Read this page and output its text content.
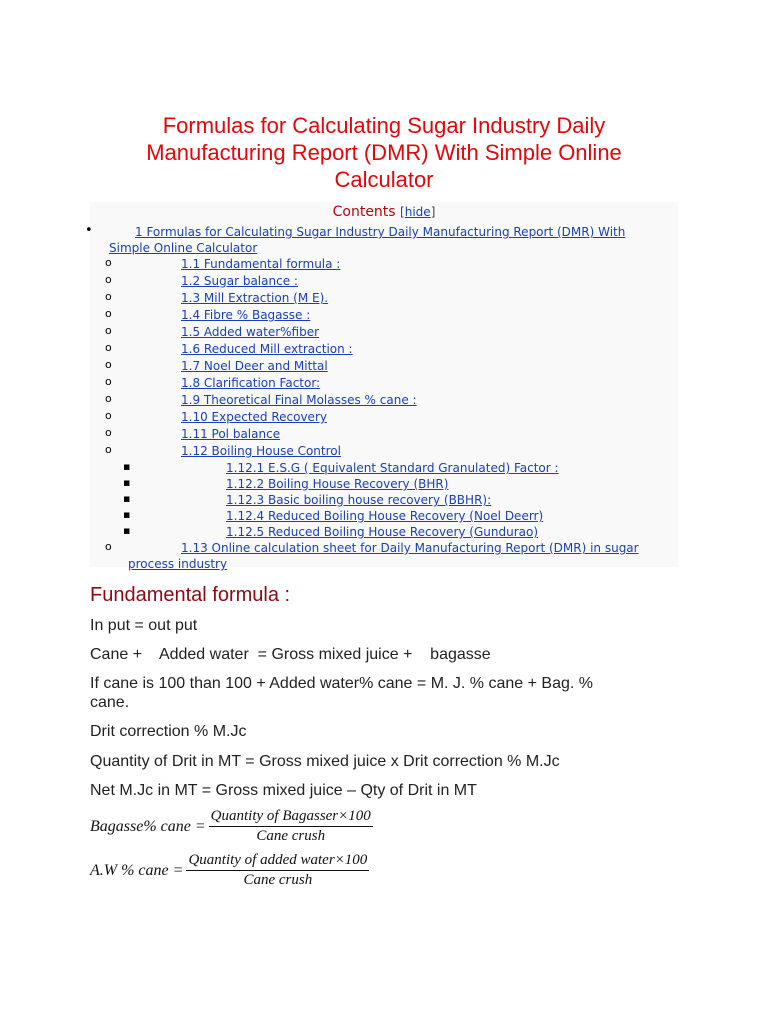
Formulas for Calculating Sugar Industry Daily
Manufacturing Report (DMR) With Simple Online
Calculator
Contents [hide]
•	1 Formulas for Calculating Sugar Industry Daily Manufacturing Report (DMR) With
Simple Online Calculator
o	1.1 Fundamental formula :
o	1.2 Sugar balance :
o	1.3 Mill Extraction (M E).
o	1.4 Fibre % Bagasse :
o	1.5 Added water%fiber
o	1.6 Reduced Mill extraction :
o	1.7 Noel Deer and Mittal
o	1.8 Clarification Factor:
o	1.9 Theoretical Final Molasses % cane :
o	1.10 Expected Recovery
o	1.11 Pol balance
o	1.12 Boiling House Control
▪	1.12.1 E.S.G ( Equivalent Standard Granulated) Factor :
▪	1.12.2 Boiling House Recovery (BHR)
▪	1.12.3 Basic boiling house recovery (BBHR):
▪	1.12.4 Reduced Boiling House Recovery (Noel Deerr)
▪	1.12.5 Reduced Boiling House Recovery (Gundurao)
o	1.13 Online calculation sheet for Daily Manufacturing Report (DMR) in sugar
process industry
Fundamental formula :

In put = out put

Cane +    Added water  = Gross mixed juice +    bagasse

If cane is 100 than 100 + Added water% cane = M. J. % cane + Bag. %

cane.

Drit correction % M.Jc

Quantity of Drit in MT = Gross mixed juice x Drit correction % M.Jc

Net M.Jc in MT = Gross mixed juice – Qty of Drit in MT

Bagasse% cane = $\frac{\text{Quantity of Bagasser×100}}{\text{Cane crush}}$
A.W % cane = $\frac{\text{Quantity of added water×100}}{\text{Cane crush}}$
